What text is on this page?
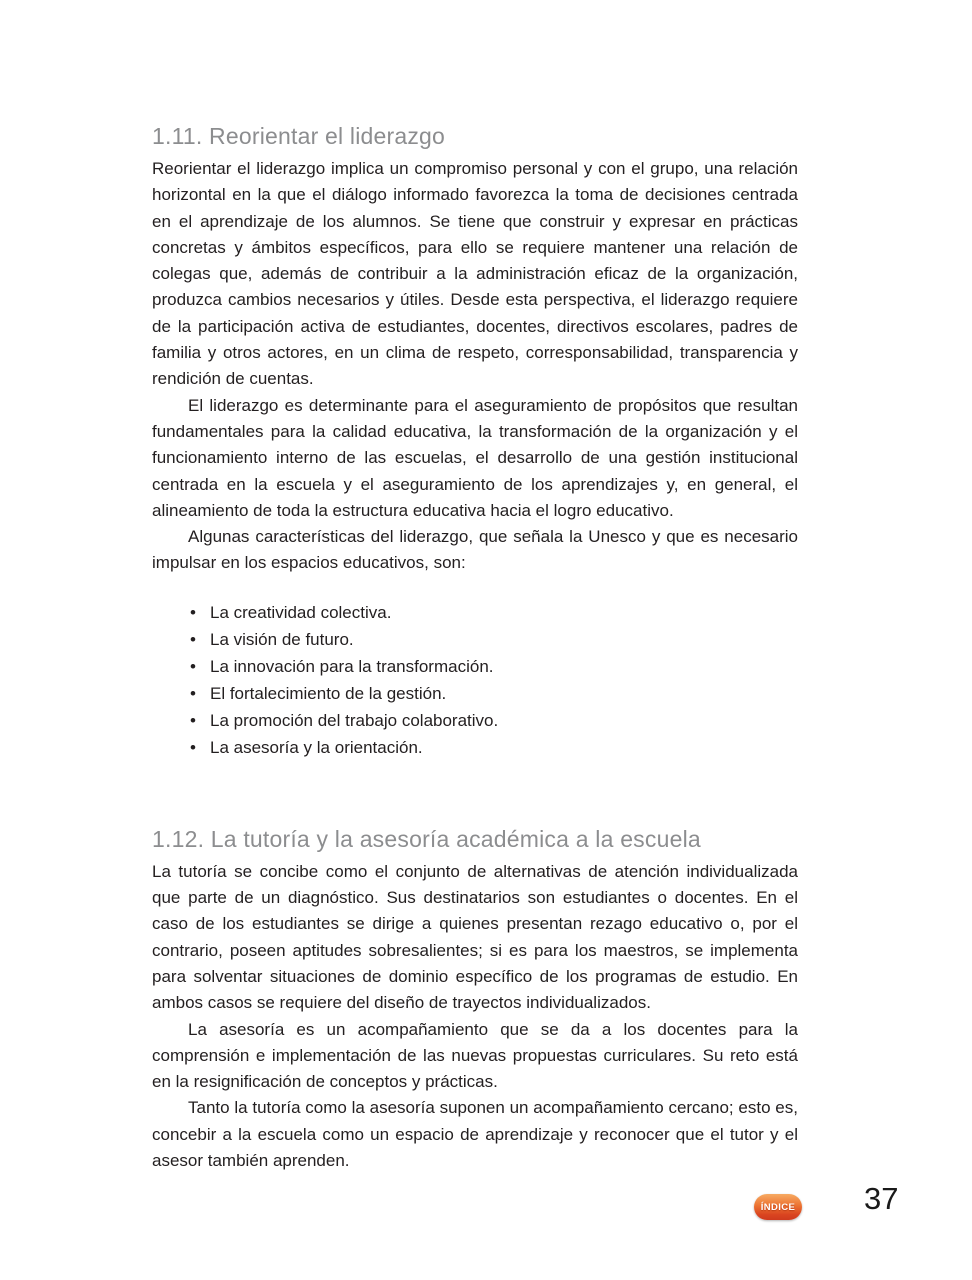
1.11. Reorientar el liderazgo

Reorientar el liderazgo implica un compromiso personal y con el grupo, una relación horizontal en la que el diálogo informado favorezca la toma de decisiones centrada en el aprendizaje de los alumnos. Se tiene que construir y expresar en prácticas concretas y ámbitos específicos, para ello se requiere mantener una relación de colegas que, además de contribuir a la administración eficaz de la organización, produzca cambios necesarios y útiles. Desde esta perspectiva, el liderazgo requiere de la participación activa de estudiantes, docentes, directivos escolares, padres de familia y otros actores, en un clima de respeto, corresponsabilidad, transparencia y rendición de cuentas.

El liderazgo es determinante para el aseguramiento de propósitos que resultan fundamentales para la calidad educativa, la transformación de la organización y el funcionamiento interno de las escuelas, el desarrollo de una gestión institucional centrada en la escuela y el aseguramiento de los aprendizajes y, en general, el alineamiento de toda la estructura educativa hacia el logro educativo.

Algunas características del liderazgo, que señala la Unesco y que es necesario impulsar en los espacios educativos, son:

• La creatividad colectiva.
• La visión de futuro.
• La innovación para la transformación.
• El fortalecimiento de la gestión.
• La promoción del trabajo colaborativo.
• La asesoría y la orientación.
1.12. La tutoría y la asesoría académica a la escuela

La tutoría se concibe como el conjunto de alternativas de atención individualizada que parte de un diagnóstico. Sus destinatarios son estudiantes o docentes. En el caso de los estudiantes se dirige a quienes presentan rezago educativo o, por el contrario, poseen aptitudes sobresalientes; si es para los maestros, se implementa para solventar situaciones de dominio específico de los programas de estudio. En ambos casos se requiere del diseño de trayectos individualizados.

La asesoría es un acompañamiento que se da a los docentes para la comprensión e implementación de las nuevas propuestas curriculares. Su reto está en la resignificación de conceptos y prácticas.

Tanto la tutoría como la asesoría suponen un acompañamiento cercano; esto es, concebir a la escuela como un espacio de aprendizaje y reconocer que el tutor y el asesor también aprenden.

ÍNDICE 37
